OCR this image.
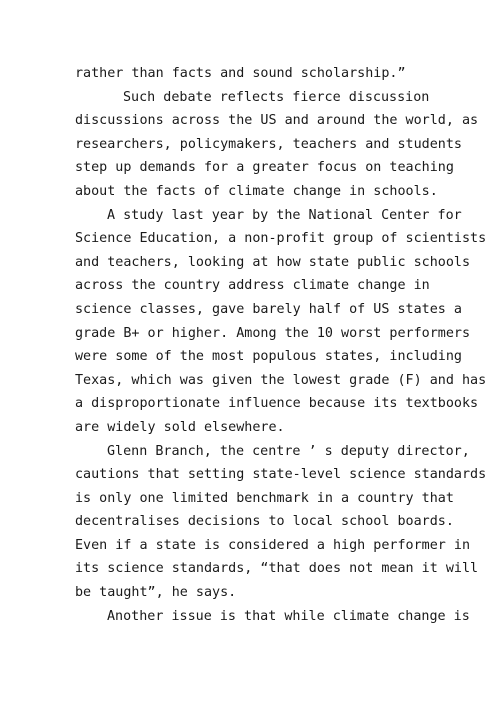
rather than facts and sound scholarship.”
Such debate reflects fierce discussion
discussions across the US and around the world, as
researchers, policymakers, teachers and students
step up demands for a greater focus on teaching
about the facts of climate change in schools.
A study last year by the National Center for
Science Education, a non-profit group of scientists
and teachers, looking at how state public schools
across the country address climate change in
science classes, gave barely half of US states a
grade B+ or higher. Among the 10 worst performers
were some of the most populous states, including
Texas, which was given the lowest grade (F) and has
a disproportionate influence because its textbooks
are widely sold elsewhere.
Glenn Branch, the centre ’ s deputy director,
cautions that setting state-level science standards
is only one limited benchmark in a country that
decentralises decisions to local school boards.
Even if a state is considered a high performer in
its science standards, “that does not mean it will
be taught”, he says.
Another issue is that while climate change is
